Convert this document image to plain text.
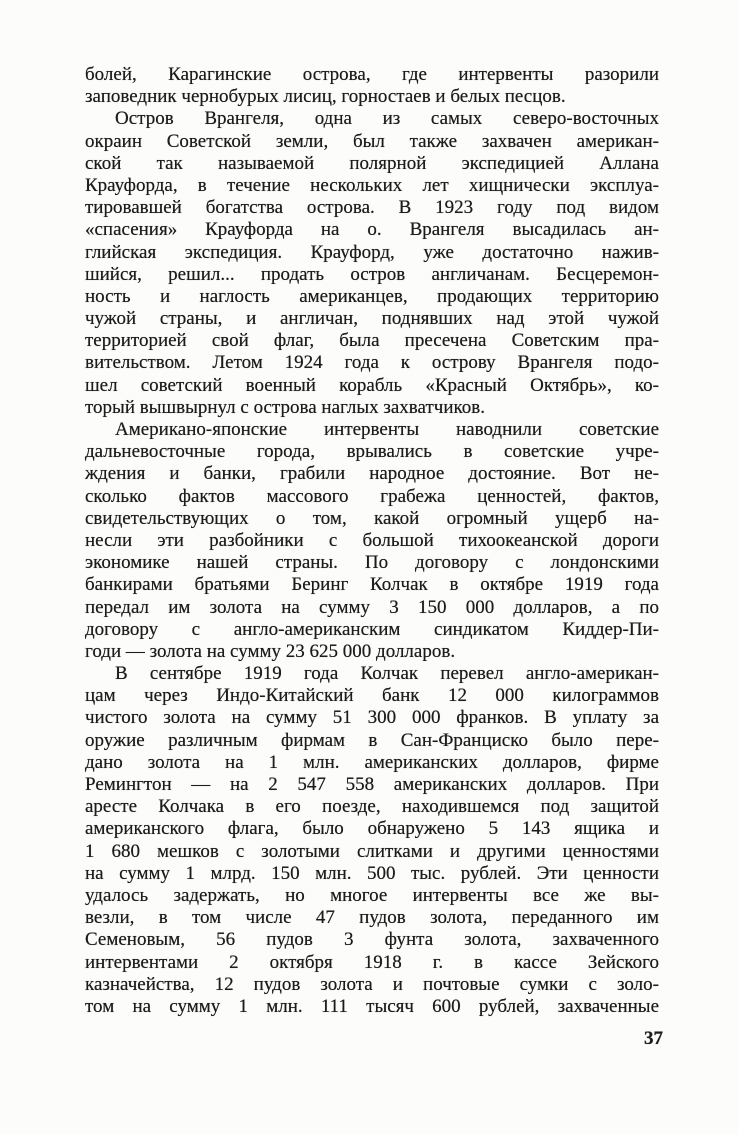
болей, Карагинские острова, где интервенты разорили
заповедник чернобурых лисиц, горностаев и белых песцов.
Остров Врангеля, одна из самых северо-восточных
окраин Советской земли, был также захвачен американ-
ской так называемой полярной экспедицией Аллана
Крауфорда, в течение нескольких лет хищнически эксплуа-
тировавшей богатства острова. В 1923 году под видом
«спасения» Крауфорда на о. Врангеля высадилась ан-
глийская экспедиция. Крауфорд, уже достаточно нажив-
шийся, решил... продать остров англичанам. Бесцеремон-
ность и наглость американцев, продающих территорию
чужой страны, и англичан, поднявших над этой чужой
территорией свой флаг, была пресечена Советским пра-
вительством. Летом 1924 года к острову Врангеля подо-
шел советский военный корабль «Красный Октябрь», ко-
торый вышвырнул с острова наглых захватчиков.
Американо-японские интервенты наводнили советские
дальневосточные города, врывались в советские учре-
ждения и банки, грабили народное достояние. Вот не-
сколько фактов массового грабежа ценностей, фактов,
свидетельствующих о том, какой огромный ущерб на-
несли эти разбойники с большой тихоокеанской дороги
экономике нашей страны. По договору с лондонскими
банкирами братьями Беринг Колчак в октябре 1919 года
передал им золота на сумму 3 150 000 долларов, а по
договору с англо-американским синдикатом Киддер-Пи-
годи — золота на сумму 23 625 000 долларов.
В сентябре 1919 года Колчак перевел англо-американ-
цам через Индо-Китайский банк 12 000 килограммов
чистого золота на сумму 51 300 000 франков. В уплату за
оружие различным фирмам в Сан-Франциско было пере-
дано золота на 1 млн. американских долларов, фирме
Ремингтон — на 2 547 558 американских долларов. При
аресте Колчака в его поезде, находившемся под защитой
американского флага, было обнаружено 5 143 ящика и
1 680 мешков с золотыми слитками и другими ценностями
на сумму 1 млрд. 150 млн. 500 тыс. рублей. Эти ценности
удалось задержать, но многое интервенты все же вы-
везли, в том числе 47 пудов золота, переданного им
Семеновым, 56 пудов 3 фунта золота, захваченного
интервентами 2 октября 1918 г. в кассе Зейского
казначейства, 12 пудов золота и почтовые сумки с золо-
том на сумму 1 млн. 111 тысяч 600 рублей, захваченные
37
